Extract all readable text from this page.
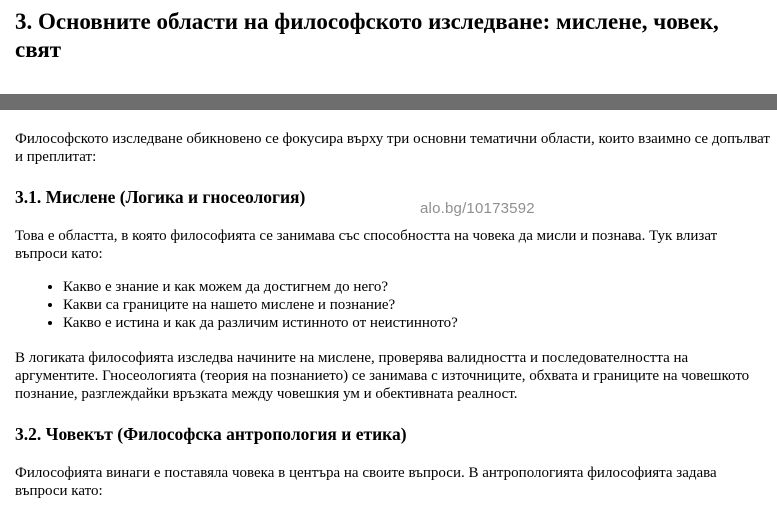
3. Основните области на философското изследване: мислене, човек, свят
alo.bg/10173592

Философското изследване обикновено се фокусира върху три основни тематични области, които взаимно се допълват и преплитат:

3.1. Мислене (Логика и гносеология)

Това е областта, в която философията се занимава със способността на човека да мисли и познава. Тук влизат въпроси като:

• Какво е знание и как можем да достигнем до него?
• Какви са границите на нашето мислене и познание?
• Какво е истина и как да различим истинното от неистинното?

В логиката философията изследва начините на мислене, проверява валидността и последователността на аргументите. Гносеологията (теория на познанието) се занимава с източниците, обхвата и границите на човешкото познание, разглеждайки връзката между човешкия ум и обективната реалност.

3.2. Човекът (Философска антропология и етика)

Философията винаги е поставяла човека в центъра на своите въпроси. В антропологията философията задава въпроси като:
